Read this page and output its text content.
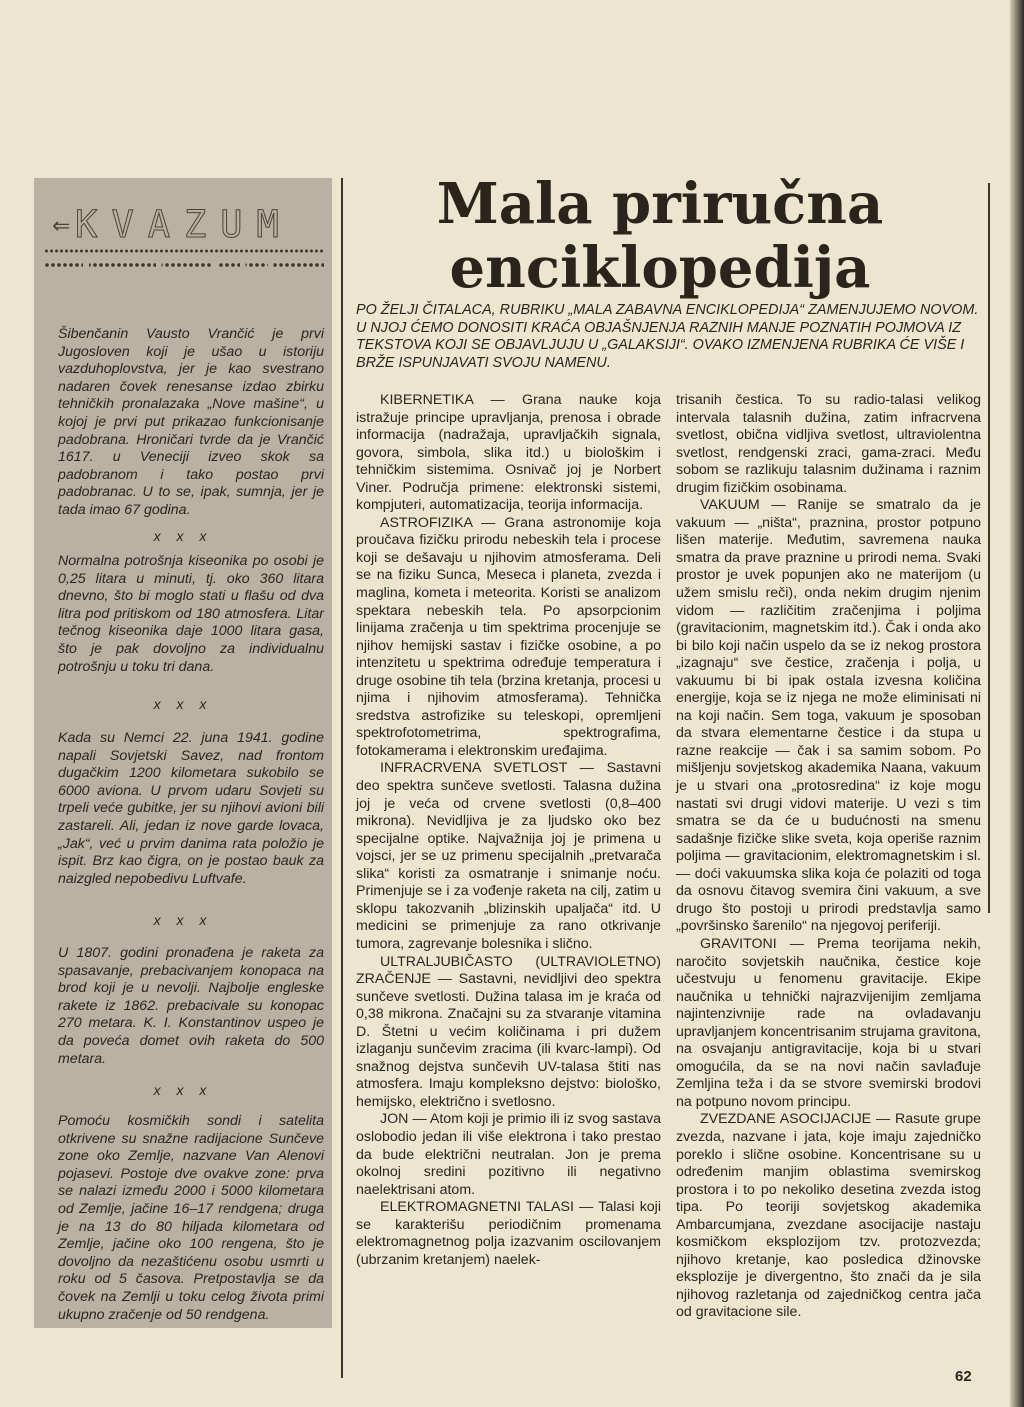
⇐ KVAZUM

Šibenčanin Vausto Vrančić je prvi Jugosloven koji je ušao u istoriju vazduhoplovstva, jer je kao svestrano nadaren čovek renesanse izdao zbirku tehničkih pronalazaka „Nove mašine“, u kojoj je prvi put prikazao funkcionisanje padobrana. Hroničari tvrde da je Vrančić 1617. u Veneciji izveo skok sa padobranom i tako postao prvi padobranac. U to se, ipak, sumnja, jer je tada imao 67 godina.

x x x

Normalna potrošnja kiseonika po osobi je 0,25 litara u minuti, tj. oko 360 litara dnevno, što bi moglo stati u flašu od dva litra pod pritiskom od 180 atmosfera. Litar tečnog kiseonika daje 1000 litara gasa, što je pak dovoljno za individualnu potrošnju u toku tri dana.

x x x

Kada su Nemci 22. juna 1941. godine napali Sovjetski Savez, nad frontom dugačkim 1200 kilometara sukobilo se 6000 aviona. U prvom udaru Sovjeti su trpeli veće gubitke, jer su njihovi avioni bili zastareli. Ali, jedan iz nove garde lovaca, „Jak“, već u prvim danima rata položio je ispit. Brz kao čigra, on je postao bauk za naizgled nepobedivu Luftvafe.

x x x

U 1807. godini pronađena je raketa za spasavanje, prebacivanjem konopaca na brod koji je u nevolji. Najbolje engleske rakete iz 1862. prebacivale su konopac 270 metara. K. I. Konstantinov uspeo je da poveća domet ovih raketa do 500 metara.

x x x

Pomoću kosmičkih sondi i satelita otkrivene su snažne radijacione Sunčeve zone oko Zemlje, nazvane Van Alenovi pojasevi. Postoje dve ovakve zone: prva se nalazi između 2000 i 5000 kilometara od Zemlje, jačine 16–17 rendgena; druga je na 13 do 80 hiljada kilometara od Zemlje, jačine oko 100 rengena, što je dovoljno da nezaštićenu osobu usmrti u roku od 5 časova. Pretpostavlja se da čovek na Zemlji u toku celog života primi ukupno zračenje od 50 rendgena.

Mala priručna
enciklopedija

PO ŽELJI ČITALACA, RUBRIKU „MALA ZABAVNA ENCIKLOPEDIJA“ ZAMENJUJEMO NOVOM. U NJOJ ĆEMO DONOSITI KRAĆA OBJAŠNJENJA RAZNIH MANJE POZNATIH POJMOVA IZ TEKSTOVA KOJI SE OBJAVLJUJU U „GALAKSIJI“. OVAKO IZMENJENA RUBRIKA ĆE VIŠE I BRŽE ISPUNJAVATI SVOJU NAMENU.

KIBERNETIKA — Grana nauke koja istražuje principe upravljanja, prenosa i obrade informacija (nadražaja, upravljačkih signala, govora, simbola, slika itd.) u biološkim i tehničkim sistemima. Osnivač joj je Norbert Viner. Područja primene: elektronski sistemi, kompjuteri, automatizacija, teorija informacija.

ASTROFIZIKA — Grana astronomije koja proučava fizičku prirodu nebeskih tela i procese koji se dešavaju u njihovim atmosferama. Deli se na fiziku Sunca, Meseca i planeta, zvezda i maglina, kometa i meteorita. Koristi se analizom spektara nebeskih tela. Po apsorpcionim linijama zračenja u tim spektrima procenjuje se njihov hemijski sastav i fizičke osobine, a po intenzitetu u spektrima određuje temperatura i druge osobine tih tela (brzina kretanja, procesi u njima i njihovim atmosferama). Tehnička sredstva astrofizike su teleskopi, opremljeni spektrofotometrima, spektrografima, fotokamerama i elektronskim uređajima.

INFRACRVENA SVETLOST — Sastavni deo spektra sunčeve svetlosti. Talasna dužina joj je veća od crvene svetlosti (0,8–400 mikrona). Nevidljiva je za ljudsko oko bez specijalne optike. Najvažnija joj je primena u vojsci, jer se uz primenu specijalnih „pretvarača slika“ koristi za osmatranje i snimanje noću. Primenjuje se i za vođenje raketa na cilj, zatim u sklopu takozvanih „blizinskih upaljača“ itd. U medicini se primenjuje za rano otkrivanje tumora, zagrevanje bolesnika i slično.

ULTRALJUBIČASTO (ULTRAVIOLETNO) ZRAČENJE — Sastavni, nevidljivi deo spektra sunčeve svetlosti. Dužina talasa im je kraća od 0,38 mikrona. Značajni su za stvaranje vitamina D. Štetni u većim količinama i pri dužem izlaganju sunčevim zracima (ili kvarc-lampi). Od snažnog dejstva sunčevih UV-talasa štiti nas atmosfera. Imaju kompleksno dejstvo: biološko, hemijsko, električno i svetlosno.

JON — Atom koji je primio ili iz svog sastava oslobodio jedan ili više elektrona i tako prestao da bude električni neutralan. Jon je prema okolnoj sredini pozitivno ili negativno naelektrisani atom.

ELEKTROMAGNETNI TALASI — Talasi koji se karakterišu periodičnim promenama elektromagnetnog polja izazvanim oscilovanjem (ubrzanim kretanjem) naelek-

trisanih čestica. To su radio-talasi velikog intervala talasnih dužina, zatim infracrvena svetlost, obična vidljiva svetlost, ultraviolentna svetlost, rendgenski zraci, gama-zraci. Među sobom se razlikuju talasnim dužinama i raznim drugim fizičkim osobinama.

VAKUUM — Ranije se smatralo da je vakuum — „ništa“, praznina, prostor potpuno lišen materije. Međutim, savremena nauka smatra da prave praznine u prirodi nema. Svaki prostor je uvek popunjen ako ne materijom (u užem smislu reči), onda nekim drugim njenim vidom — različitim zračenjima i poljima (gravitacionim, magnetskim itd.). Čak i onda ako bi bilo koji način uspelo da se iz nekog prostora „izagnaju“ sve čestice, zračenja i polja, u vakuumu bi bi ipak ostala izvesna količina energije, koja se iz njega ne može eliminisati ni na koji način. Sem toga, vakuum je sposoban da stvara elementarne čestice i da stupa u razne reakcije — čak i sa samim sobom. Po mišljenju sovjetskog akademika Naana, vakuum je u stvari ona „protosredina“ iz koje mogu nastati svi drugi vidovi materije. U vezi s tim smatra se da će u budućnosti na smenu sadašnje fizičke slike sveta, koja operiše raznim poljima — gravitacionim, elektromagnetskim i sl. — doći vakuumska slika koja će polaziti od toga da osnovu čitavog svemira čini vakuum, a sve drugo što postoji u prirodi predstavlja samo „površinsko šarenilo“ na njegovoj periferiji.

GRAVITONI — Prema teorijama nekih, naročito sovjetskih naučnika, čestice koje učestvuju u fenomenu gravitacije. Ekipe naučnika u tehnički najrazvijenijim zemljama najintenzivnije rade na ovladavanju upravljanjem koncentrisanim strujama gravitona, na osvajanju antigravitacije, koja bi u stvari omogućila, da se na novi način savlađuje Zemljina teža i da se stvore svemirski brodovi na potpuno novom principu.

ZVEZDANE ASOCIJACIJE — Rasute grupe zvezda, nazvane i jata, koje imaju zajedničko poreklo i slične osobine. Koncentrisane su u određenim manjim oblastima svemirskog prostora i to po nekoliko desetina zvezda istog tipa. Po teoriji sovjetskog akademika Ambarcumjana, zvezdane asocijacije nastaju kosmičkom eksplozijom tzv. protozvezda; njihovo kretanje, kao posledica džinovske eksplozije je divergentno, što znači da je sila njihovog razletanja od zajedničkog centra jača od gravitacione sile.

62
